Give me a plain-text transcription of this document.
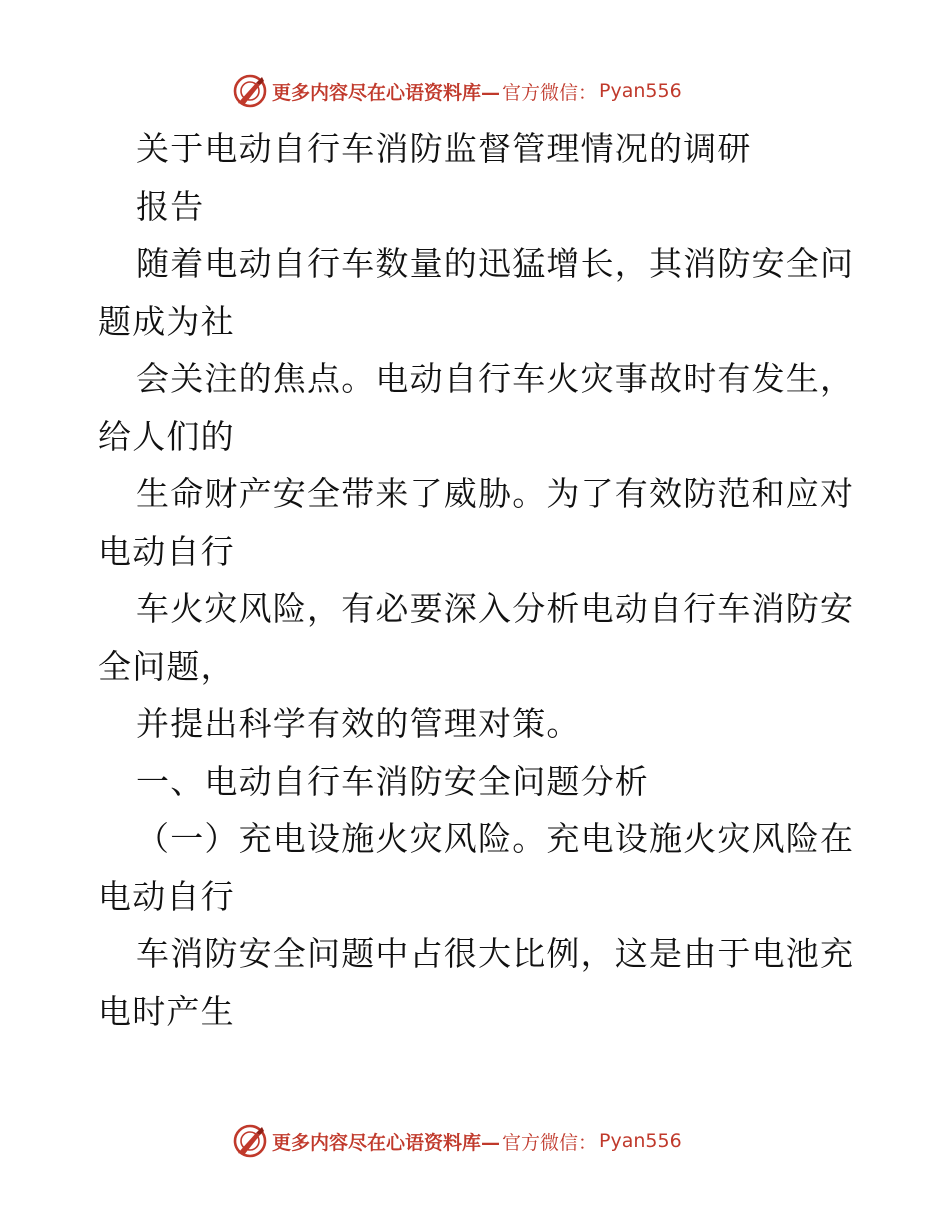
更多内容尽在心语资料库— 官方微信： Pyan556
关于电动自行车消防监督管理情况的调研
报告
随着电动自行车数量的迅猛增长，其消防安全问
题成为社
会关注的焦点。电动自行车火灾事故时有发生，
给人们的
生命财产安全带来了威胁。为了有效防范和应对
电动自行
车火灾风险，有必要深入分析电动自行车消防安
全问题，
并提出科学有效的管理对策。
一、电动自行车消防安全问题分析
（一）充电设施火灾风险。充电设施火灾风险在
电动自行
车消防安全问题中占很大比例，这是由于电池充
电时产生
更多内容尽在心语资料库— 官方微信： Pyan556
